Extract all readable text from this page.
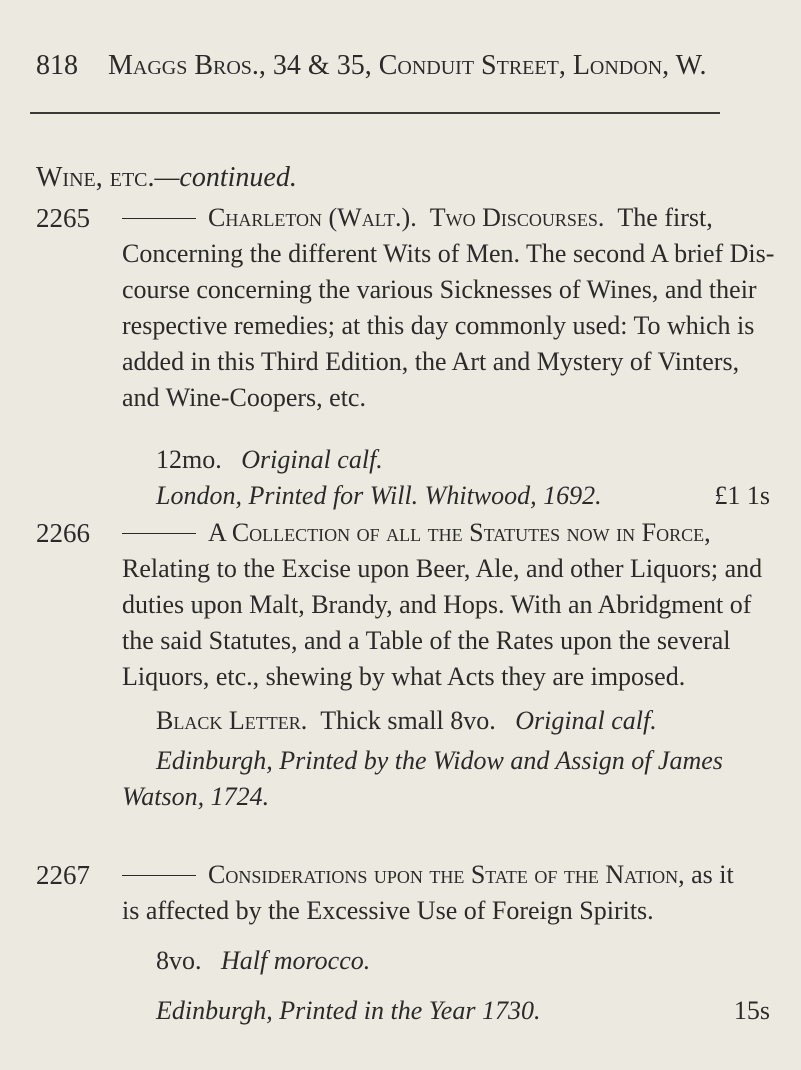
818 Maggs Bros., 34 & 35, Conduit Street, London, W.
Wine, etc.—continued.
2265	Charleton (Walt.). Two Discourses. The first,
Concerning the different Wits of Men. The second A brief Dis-
course concerning the various Sicknesses of Wines, and their
respective remedies; at this day commonly used: To which is
added in this Third Edition, the Art and Mystery of Vinters,
and Wine-Coopers, etc.
12mo. Original calf.
London, Printed for Will. Whitwood, 1692.	£1 1s
2266	A Collection of all the Statutes now in Force,
Relating to the Excise upon Beer, Ale, and other Liquors; and
duties upon Malt, Brandy, and Hops. With an Abridgment of
the said Statutes, and a Table of the Rates upon the several
Liquors, etc., shewing by what Acts they are imposed.
Black Letter. Thick small 8vo. Original calf.
Edinburgh, Printed by the Widow and Assign of James
Watson, 1724.
2267	Considerations upon the State of the Nation, as it
is affected by the Excessive Use of Foreign Spirits.
8vo. Half morocco.
Edinburgh, Printed in the Year 1730.	15s
